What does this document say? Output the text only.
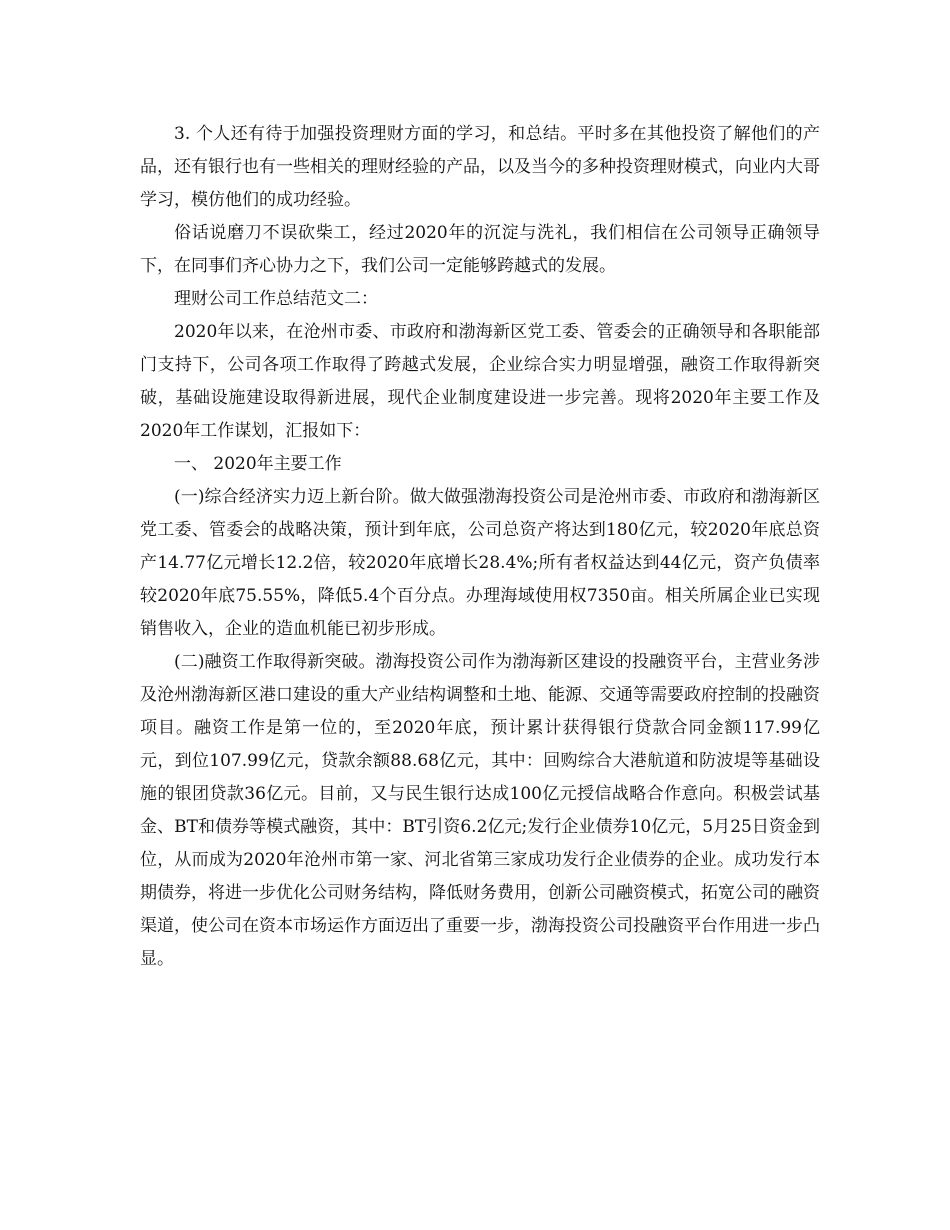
3. 个人还有待于加强投资理财方面的学习，和总结。平时多在其他投资了解他们的产品，还有银行也有一些相关的理财经验的产品，以及当今的多种投资理财模式，向业内大哥学习，模仿他们的成功经验。

俗话说磨刀不误砍柴工，经过2020年的沉淀与洗礼，我们相信在公司领导正确领导下，在同事们齐心协力之下，我们公司一定能够跨越式的发展。

理财公司工作总结范文二：

2020年以来，在沧州市委、市政府和渤海新区党工委、管委会的正确领导和各职能部门支持下，公司各项工作取得了跨越式发展，企业综合实力明显增强，融资工作取得新突破，基础设施建设取得新进展，现代企业制度建设进一步完善。现将2020年主要工作及2020年工作谋划，汇报如下：

一、 2020年主要工作

(一)综合经济实力迈上新台阶。做大做强渤海投资公司是沧州市委、市政府和渤海新区党工委、管委会的战略决策，预计到年底，公司总资产将达到180亿元，较2020年底总资产14.77亿元增长12.2倍，较2020年底增长28.4%;所有者权益达到44亿元，资产负债率较2020年底75.55%，降低5.4个百分点。办理海域使用权7350亩。相关所属企业已实现销售收入，企业的造血机能已初步形成。

(二)融资工作取得新突破。渤海投资公司作为渤海新区建设的投融资平台，主营业务涉及沧州渤海新区港口建设的重大产业结构调整和土地、能源、交通等需要政府控制的投融资项目。融资工作是第一位的，至2020年底，预计累计获得银行贷款合同金额117.99亿元，到位107.99亿元，贷款余额88.68亿元，其中：回购综合大港航道和防波堤等基础设施的银团贷款36亿元。目前，又与民生银行达成100亿元授信战略合作意向。积极尝试基金、BT和债券等模式融资，其中：BT引资6.2亿元;发行企业债券10亿元，5月25日资金到位，从而成为2020年沧州市第一家、河北省第三家成功发行企业债券的企业。成功发行本期债券，将进一步优化公司财务结构，降低财务费用，创新公司融资模式，拓宽公司的融资渠道，使公司在资本市场运作方面迈出了重要一步，渤海投资公司投融资平台作用进一步凸显。
